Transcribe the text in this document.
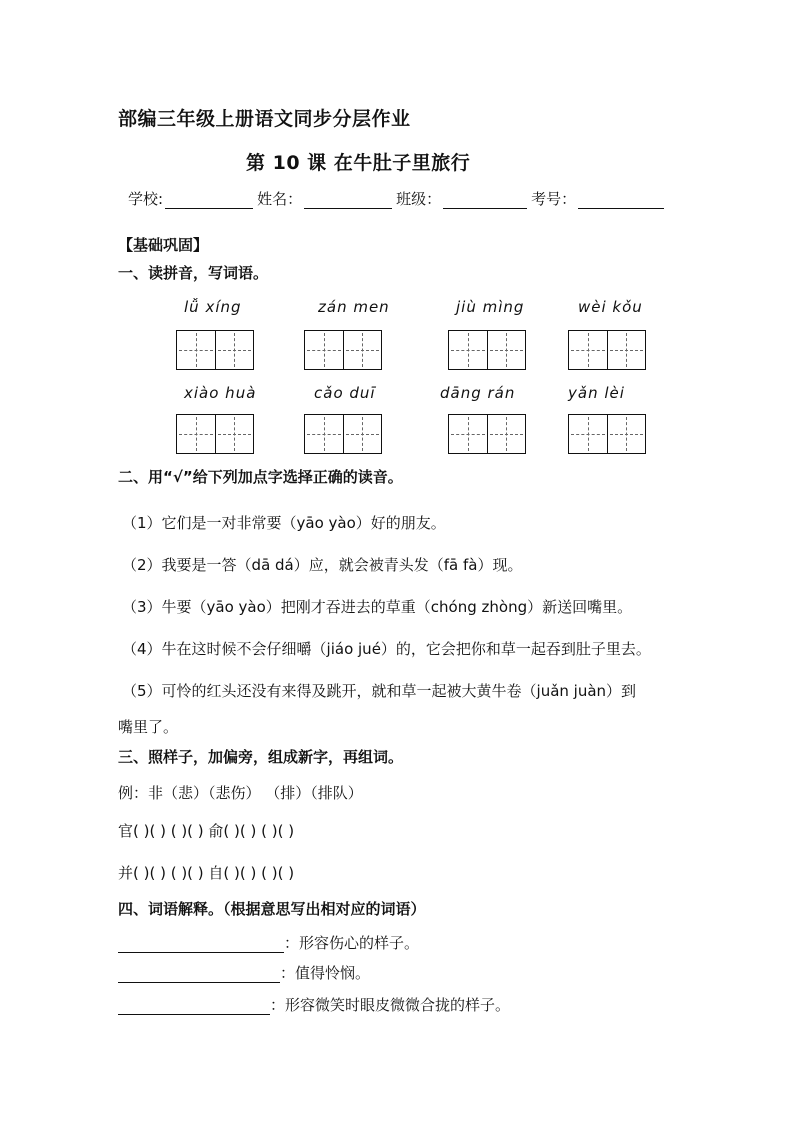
部编三年级上册语文同步分层作业
第 10 课 在牛肚子里旅行
学校:	姓名：	班级：	考号：
【基础巩固】
一、读拼音，写词语。
lǚ xíng	zán men	jiù mìng	wèi kǒu
xiào huà	cǎo duī	dāng rán	yǎn lèi
二、用“√”给下列加点字选择正确的读音。
（1）它们是一对非常要（yāo yào）好的朋友。
（2）我要是一答（dā dá）应，就会被青头发（fā fà）现。
（3）牛要（yāo yào）把刚才吞进去的草重（chóng zhòng）新送回嘴里。
（4）牛在这时候不会仔细嚼（jiáo jué）的，它会把你和草一起吞到肚子里去。
（5）可怜的红头还没有来得及跳开，就和草一起被大黄牛卷（juǎn juàn）到
嘴里了。
三、照样子，加偏旁，组成新字，再组词。
例：非（悲）（悲伤） （排）（排队）
官( )( ) ( )( ) 俞( )( ) ( )( )
并( )( ) ( )( ) 自( )( ) ( )( )
四、词语解释。（根据意思写出相对应的词语）
：形容伤心的样子。
：值得怜悯。
：形容微笑时眼皮微微合拢的样子。
